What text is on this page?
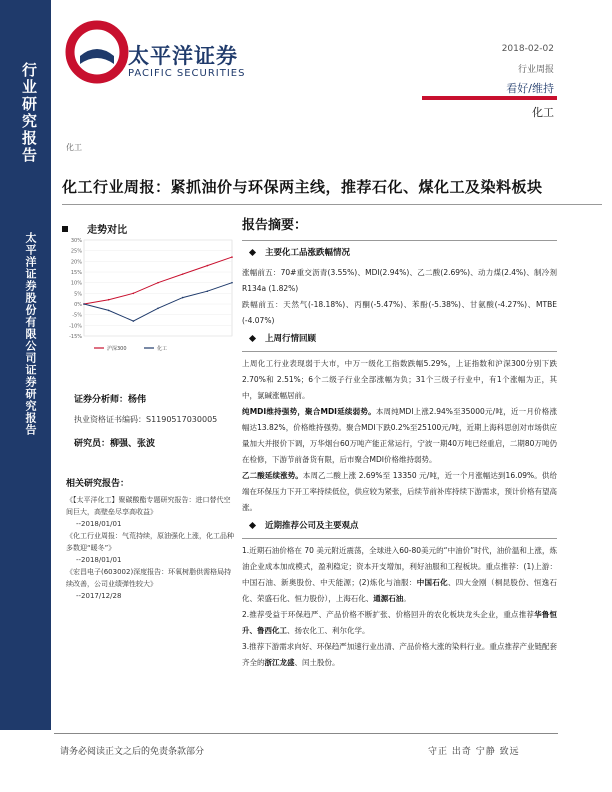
行业研究报告
太平洋证券股份有限公司证券研究报告
太平洋证券
PACIFIC SECURITIES
2018-02-02
行业周报
看好/维持
化工
化工
化工行业周报：紧抓油价与环保两主线，推荐石化、煤化工及染料板块
走势对比
30%
25%
20%
15%
10%
5%
0%
-5%
-10%
-15%
沪深300	化工
证券分析师：杨伟
执业资格证书编码：S1190517030005
研究员：柳强、张波
相关研究报告：
《【太平洋化工】聚碳酸酯专题研究报告：进口替代空间巨大，高壁垒尽享高收益》
--2018/01/01
《化工行业周报：气荒持续，原油强化上涨，化工品种多数迎“暖冬”》
--2018/01/01
《宏昌电子(603002)深度报告：环氧树脂供需格局持续改善，公司业绩弹性较大》
--2017/12/28
报告摘要：
主要化工品涨跌幅情况
涨幅前五：70#重交沥青(3.55%)、MDI(2.94%)、乙二酸(2.69%)、动力煤(2.4%)、制冷剂R134a (1.82%)
跌幅前五：天然气(-18.18%)、丙酮(-5.47%)、苯酚(-5.38%)、甘氨酸(-4.27%)、MTBE (-4.07%)
上周行情回顾
上周化工行业表现弱于大市，中万一级化工指数跌幅5.29%，上证指数和沪深300分别下跌 2.70%和 2.51%；6个二级子行业全部涨幅为负；31个三级子行业中，有1个涨幅为正，其中，氯碱涨幅居前。
纯MDI维持强势，聚合MDI延续弱势。本周纯MDI上涨2.94%至35000元/吨，近一月价格涨幅达13.82%，价格维持强势。聚合MDI下跌0.2%至25100元/吨，近期上海科思创对市场供应量加大并报价下调，万华烟台60万吨产能正常运行，宁波一期40万吨已经重启，二期80万吨仍在检修，下游节前备货有限，后市聚合MDI价格维持弱势。
乙二酸延续涨势。本周乙二酸上涨 2.69%至 13350 元/吨，近一个月涨幅达到16.09%。供给端在环保压力下开工率持续低位，供应较为紧张，后续节前补库持续下游需求，预计价格有望高涨。
近期推荐公司及主要观点
1.近期石油价格在 70 美元附近震荡，全球进入60-80美元的“中油价”时代，油价温和上涨，炼油企业成本加成模式，盈利稳定；资本开支增加，利好油服和工程板块。重点推荐：(1)上游：中国石油、新奥股份、中天能源；(2)炼化与油服：中国石化、四大金刚（桐昆股份、恒逸石化、荣盛石化、恒力股份），上海石化、通源石油。
2.推荐受益于环保趋严、产品价格不断扩张、价格回升的农化板块龙头企业，重点推荐华鲁恒升、鲁西化工、扬农化工、利尔化学。
3.推荐下游需求向好、环保趋严加速行业出清、产品价格大涨的染料行业。重点推荐产业链配套齐全的浙江龙盛、闰土股份。
请务必阅读正文之后的免责条款部分	守正 出奇 宁静 致远
